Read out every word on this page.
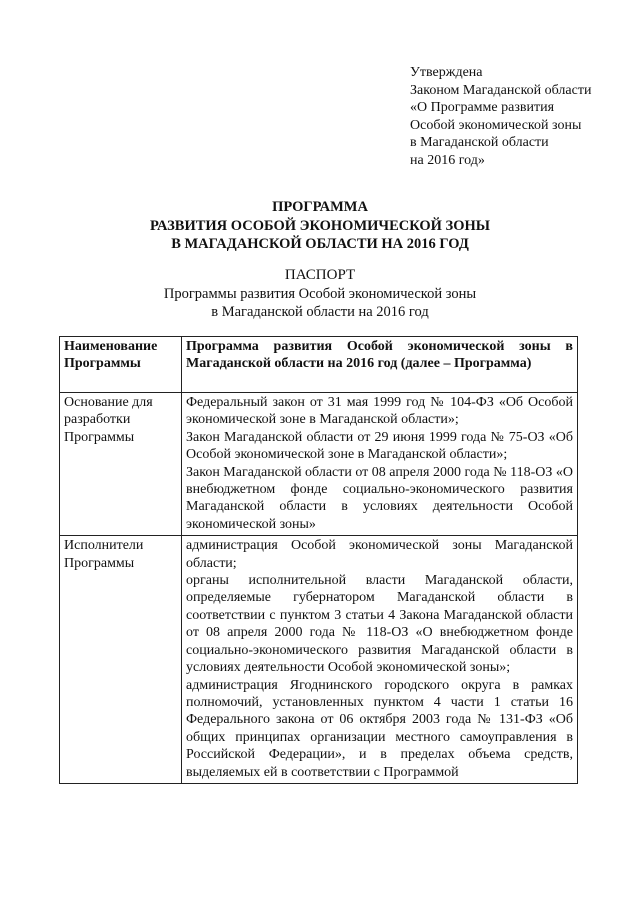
Утверждена
Законом Магаданской области
«О Программе развития
Особой экономической зоны
в Магаданской области
на 2016 год»
ПРОГРАММА
РАЗВИТИЯ ОСОБОЙ ЭКОНОМИЧЕСКОЙ ЗОНЫ
В МАГАДАНСКОЙ ОБЛАСТИ НА 2016 ГОД
ПАСПОРТ
Программы развития Особой экономической зоны
в Магаданской области на 2016 год
Наименование Программы	Программа развития Особой экономической зоны в Магаданской области на 2016 год (далее – Программа)

Основание для разработки Программы	Федеральный закон от 31 мая 1999 год № 104-ФЗ «Об Особой экономической зоне в Магаданской области»;
Закон Магаданской области от 29 июня 1999 года № 75-ОЗ «Об Особой экономической зоне в Магаданской области»;
Закон Магаданской области от 08 апреля 2000 года № 118-ОЗ «О внебюджетном фонде социально-экономического развития Магаданской области в условиях деятельности Особой экономической зоны»

Исполнители Программы	администрация Особой экономической зоны Магаданской области;
органы исполнительной власти Магаданской области, определяемые губернатором Магаданской области в соответствии с пунктом 3 статьи 4 Закона Магаданской области от 08 апреля 2000 года № 118-ОЗ «О внебюджетном фонде социально-экономического развития Магаданской области в условиях деятельности Особой экономической зоны»;
администрация Ягоднинского городского округа в рамках полномочий, установленных пунктом 4 части 1 статьи 16 Федерального закона от 06 октября 2003 года № 131-ФЗ «Об общих принципах организации местного самоуправления в Российской Федерации», и в пределах объема средств, выделяемых ей в соответствии с Программой
